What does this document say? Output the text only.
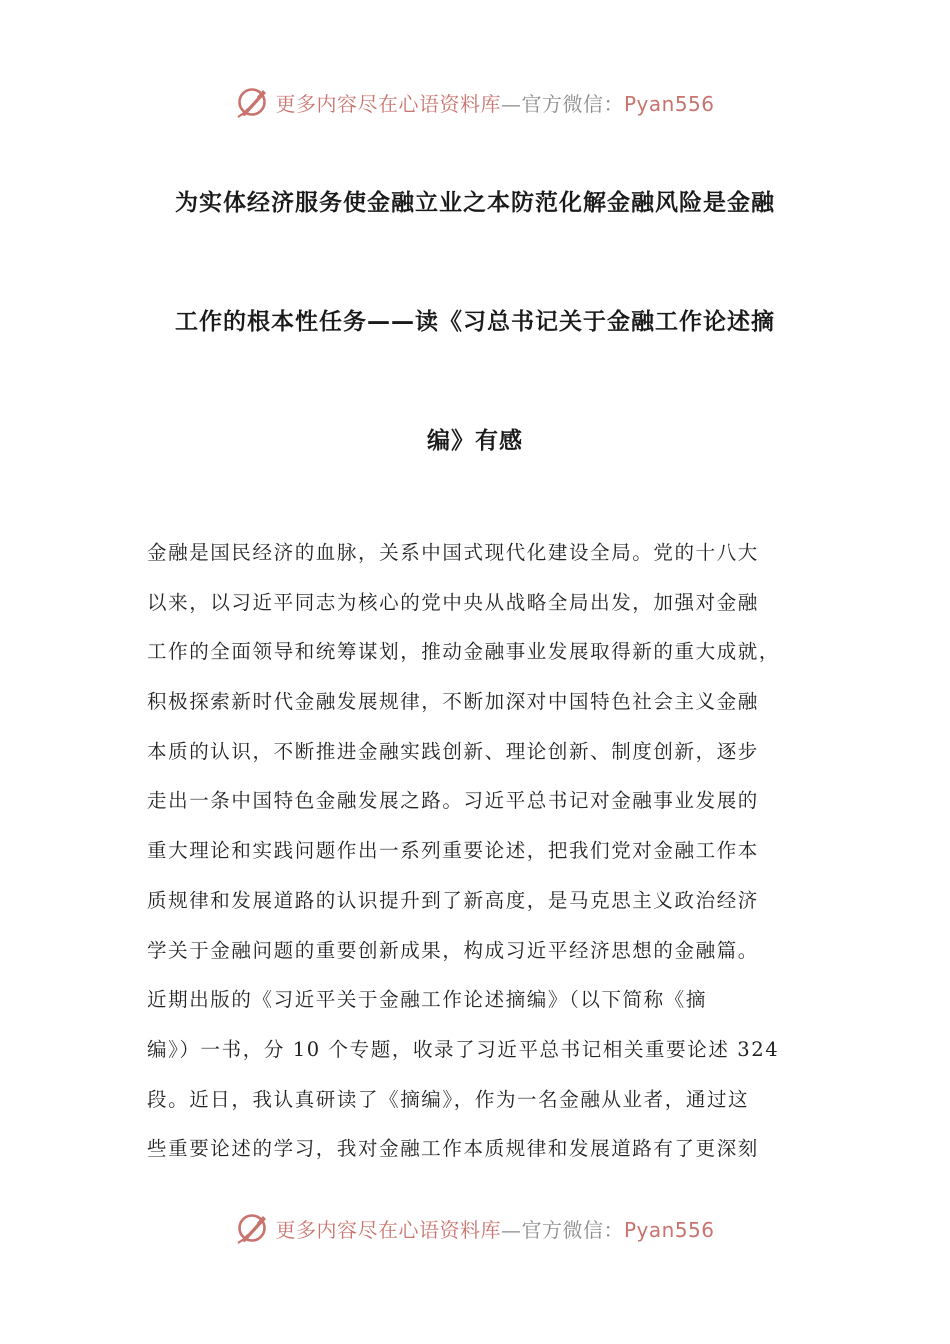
更多内容尽在心语资料库—官方微信：Pyan556
为实体经济服务使金融立业之本防范化解金融风险是金融
工作的根本性任务——读《习总书记关于金融工作论述摘
编》有感
金融是国民经济的血脉，关系中国式现代化建设全局。党的十八大
以来，以习近平同志为核心的党中央从战略全局出发，加强对金融
工作的全面领导和统筹谋划，推动金融事业发展取得新的重大成就，
积极探索新时代金融发展规律，不断加深对中国特色社会主义金融
本质的认识，不断推进金融实践创新、理论创新、制度创新，逐步
走出一条中国特色金融发展之路。习近平总书记对金融事业发展的
重大理论和实践问题作出一系列重要论述，把我们党对金融工作本
质规律和发展道路的认识提升到了新高度，是马克思主义政治经济
学关于金融问题的重要创新成果，构成习近平经济思想的金融篇。
近期出版的《习近平关于金融工作论述摘编》（以下简称《摘
编》）一书，分 10 个专题，收录了习近平总书记相关重要论述 324
段。近日，我认真研读了《摘编》，作为一名金融从业者，通过这
些重要论述的学习，我对金融工作本质规律和发展道路有了更深刻
更多内容尽在心语资料库—官方微信：Pyan556
